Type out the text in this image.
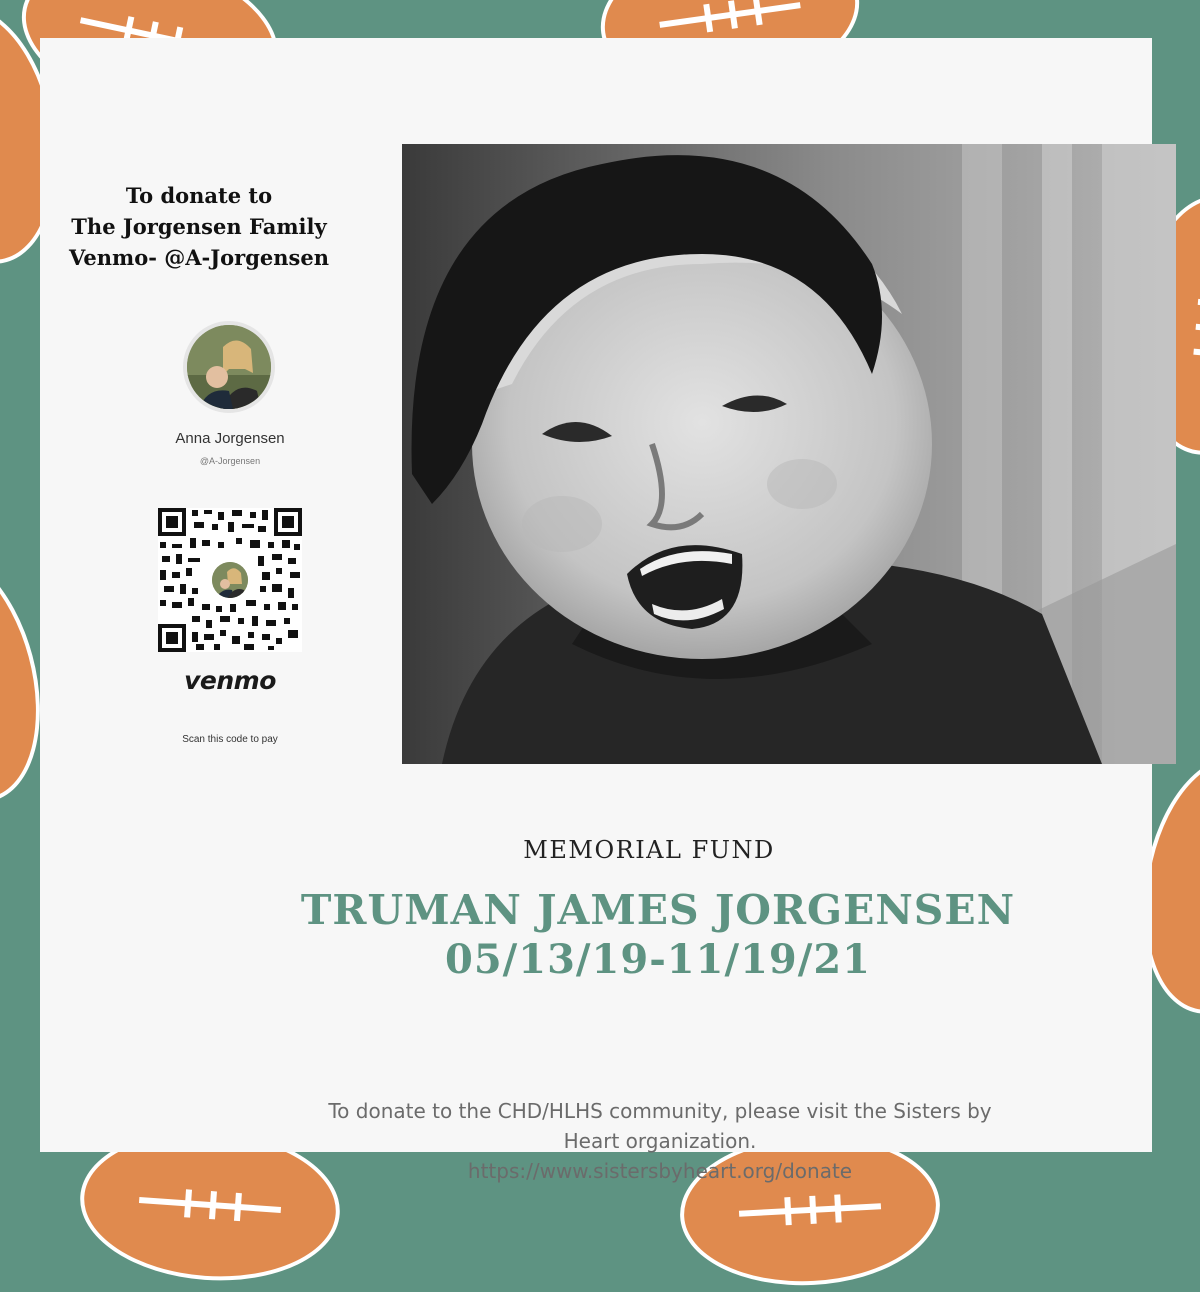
To donate to
The Jorgensen Family
Venmo- @A-Jorgensen
Anna Jorgensen
@A-Jorgensen
venmo
Scan this code to pay
MEMORIAL FUND
TRUMAN JAMES JORGENSEN
05/13/19-11/19/21
To donate to the CHD/HLHS community, please visit the Sisters by
Heart organization.
https://www.sistersbyheart.org/donate
